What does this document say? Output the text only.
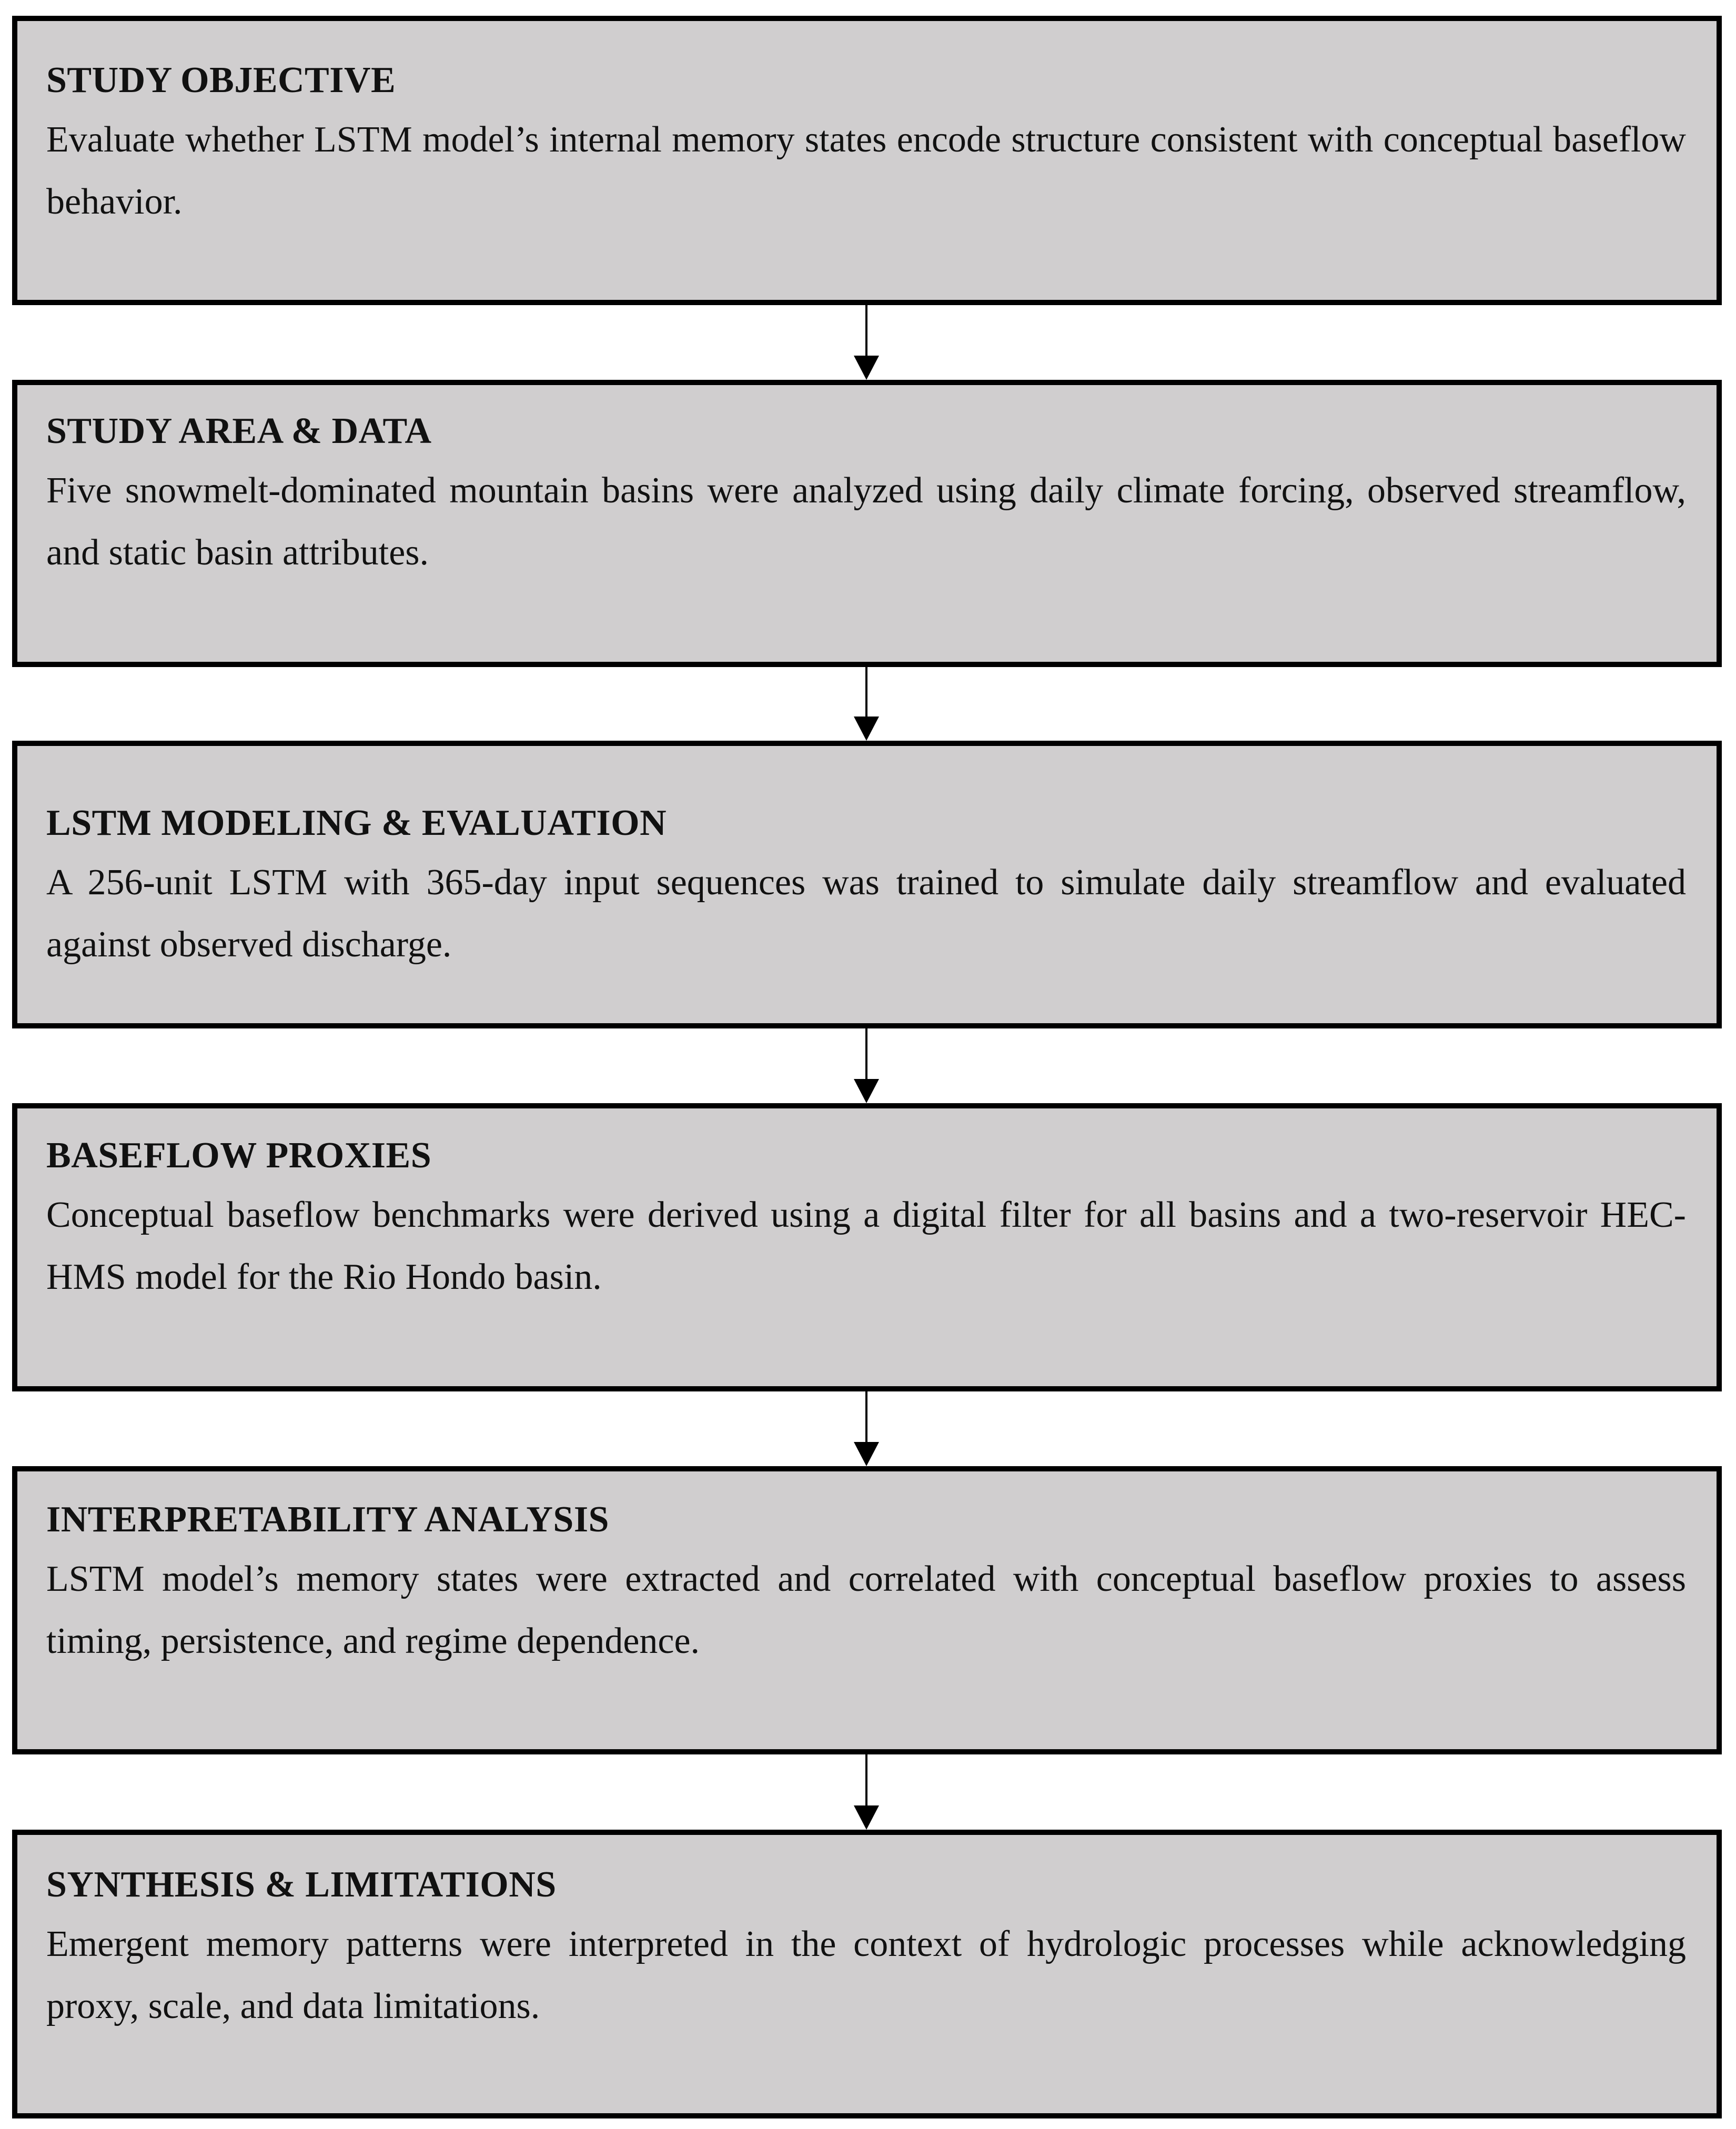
STUDY OBJECTIVE
Evaluate whether LSTM model’s internal memory states encode structure consistent with conceptual baseflow behavior.
STUDY AREA & DATA
Five snowmelt-dominated mountain basins were analyzed using daily climate forcing, observed streamflow, and static basin attributes.
LSTM MODELING & EVALUATION
A 256-unit LSTM with 365-day input sequences was trained to simulate daily streamflow and evaluated against observed discharge.
BASEFLOW PROXIES
Conceptual baseflow benchmarks were derived using a digital filter for all basins and a two-reservoir HEC-HMS model for the Rio Hondo basin.
INTERPRETABILITY ANALYSIS
LSTM model’s memory states were extracted and correlated with conceptual baseflow proxies to assess timing, persistence, and regime dependence.
SYNTHESIS & LIMITATIONS
Emergent memory patterns were interpreted in the context of hydrologic processes while acknowledging proxy, scale, and data limitations.
